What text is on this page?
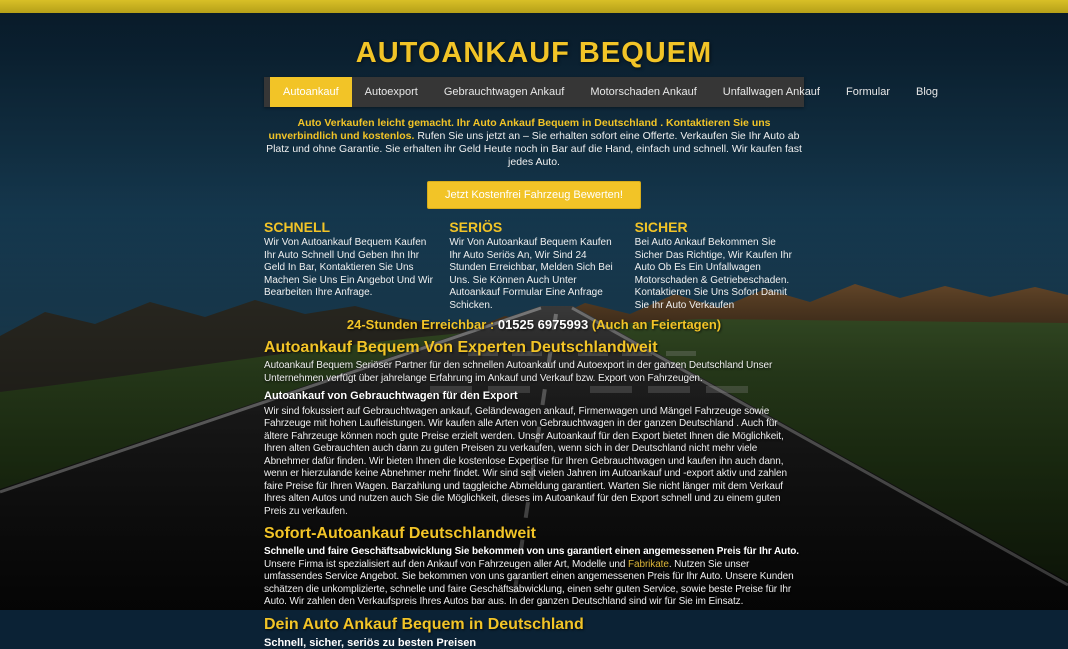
AUTOANKAUF BEQUEM
Autoankauf	Autoexport	Gebrauchtwagen Ankauf	Motorschaden Ankauf	Unfallwagen Ankauf	Formular	Blog

Auto Verkaufen leicht gemacht. Ihr Auto Ankauf Bequem in Deutschland . Kontaktieren Sie uns unverbindlich und kostenlos. Rufen Sie uns jetzt an – Sie erhalten sofort eine Offerte. Verkaufen Sie Ihr Auto ab Platz und ohne Garantie. Sie erhalten ihr Geld Heute noch in Bar auf die Hand, einfach und schnell. Wir kaufen fast jedes Auto.

Jetzt Kostenfrei Fahrzeug Bewerten!
SCHNELL
Wir Von Autoankauf Bequem Kaufen Ihr Auto Schnell Und Geben Ihn Ihr Geld In Bar, Kontaktieren Sie Uns Machen Sie Uns Ein Angebot Und Wir Bearbeiten Ihre Anfrage.
SERIÖS
Wir Von Autoankauf Bequem Kaufen Ihr Auto Seriös An, Wir Sind 24 Stunden Erreichbar, Melden Sich Bei Uns. Sie Können Auch Unter Autoankauf Formular Eine Anfrage Schicken.
SICHER
Bei Auto Ankauf Bekommen Sie Sicher Das Richtige, Wir Kaufen Ihr Auto Ob Es Ein Unfallwagen Motorschaden & Getriebeschaden. Kontaktieren Sie Uns Sofort Damit Sie Ihr Auto Verkaufen
24-Stunden Erreichbar : 01525 6975993 (Auch an Feiertagen)
Autoankauf Bequem Von Experten Deutschlandweit

Autoankauf Bequem Seriöser Partner für den schnellen Autoankauf und Autoexport in der ganzen Deutschland Unser Unternehmen verfügt über jahrelange Erfahrung im Ankauf und Verkauf bzw. Export von Fahrzeugen.

Autoankauf von Gebrauchtwagen für den Export

Wir sind fokussiert auf Gebrauchtwagen ankauf, Geländewagen ankauf, Firmenwagen und Mängel Fahrzeuge sowie Fahrzeuge mit hohen Laufleistungen. Wir kaufen alle Arten von Gebrauchtwagen in der ganzen Deutschland . Auch für ältere Fahrzeuge können noch gute Preise erzielt werden. Unser Autoankauf für den Export bietet Ihnen die Möglichkeit, Ihren alten Gebrauchten auch dann zu guten Preisen zu verkaufen, wenn sich in der Deutschland nicht mehr viele Abnehmer dafür finden. Wir bieten Ihnen die kostenlose Expertise für Ihren Gebrauchtwagen und kaufen ihn auch dann, wenn er hierzulande keine Abnehmer mehr findet. Wir sind seit vielen Jahren im Autoankauf und -export aktiv und zahlen faire Preise für Ihren Wagen. Barzahlung und taggleiche Abmeldung garantiert. Warten Sie nicht länger mit dem Verkauf Ihres alten Autos und nutzen auch Sie die Möglichkeit, dieses im Autoankauf für den Export schnell und zu einem guten Preis zu verkaufen.

Sofort-Autoankauf Deutschlandweit

Schnelle und faire Geschäftsabwicklung Sie bekommen von uns garantiert einen angemessenen Preis für Ihr Auto. Unsere Firma ist spezialisiert auf den Ankauf von Fahrzeugen aller Art, Modelle und Fabrikate. Nutzen Sie unser umfassendes Service Angebot. Sie bekommen von uns garantiert einen angemessenen Preis für Ihr Auto. Unsere Kunden schätzen die unkomplizierte, schnelle und faire Geschäftsabwicklung, einen sehr guten Service, sowie beste Preise für Ihr Auto. Wir zahlen den Verkaufspreis Ihres Autos bar aus. In der ganzen Deutschland sind wir für Sie im Einsatz.

Dein Auto Ankauf Bequem in Deutschland
Schnell, sicher, seriös zu besten Preisen
